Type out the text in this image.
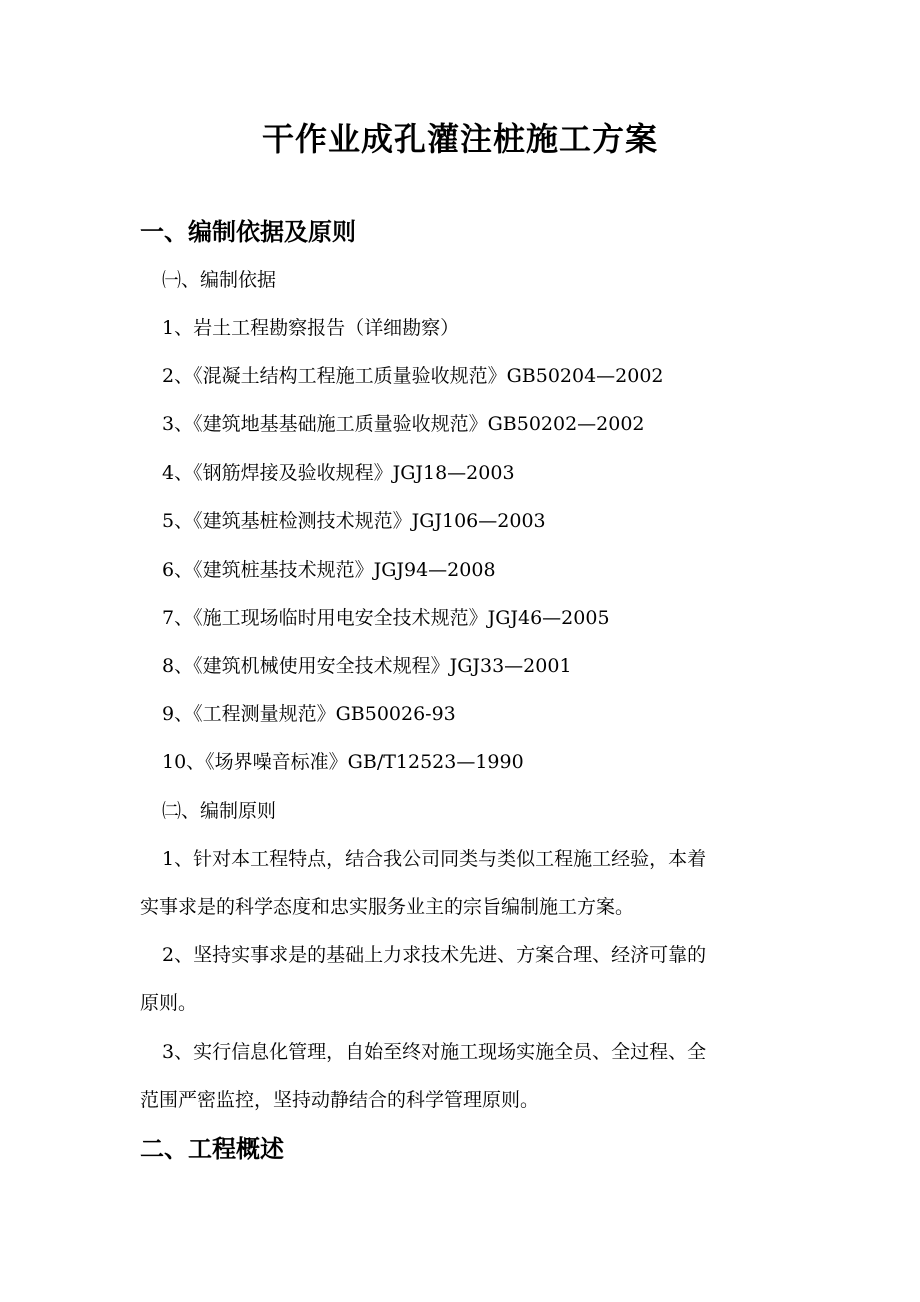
干作业成孔灌注桩施工方案
一、编制依据及原则
㈠、编制依据
1、岩土工程勘察报告（详细勘察）
2、《混凝土结构工程施工质量验收规范》GB50204—2002
3、《建筑地基基础施工质量验收规范》GB50202—2002
4、《钢筋焊接及验收规程》JGJ18—2003
5、《建筑基桩检测技术规范》JGJ106—2003
6、《建筑桩基技术规范》JGJ94—2008
7、《施工现场临时用电安全技术规范》JGJ46—2005
8、《建筑机械使用安全技术规程》JGJ33—2001
9、《工程测量规范》GB50026-93
10、《场界噪音标准》GB/T12523—1990
㈡、编制原则
1、针对本工程特点，结合我公司同类与类似工程施工经验，本着
实事求是的科学态度和忠实服务业主的宗旨编制施工方案。
2、坚持实事求是的基础上力求技术先进、方案合理、经济可靠的
原则。
3、实行信息化管理，自始至终对施工现场实施全员、全过程、全
范围严密监控，坚持动静结合的科学管理原则。
二、工程概述
